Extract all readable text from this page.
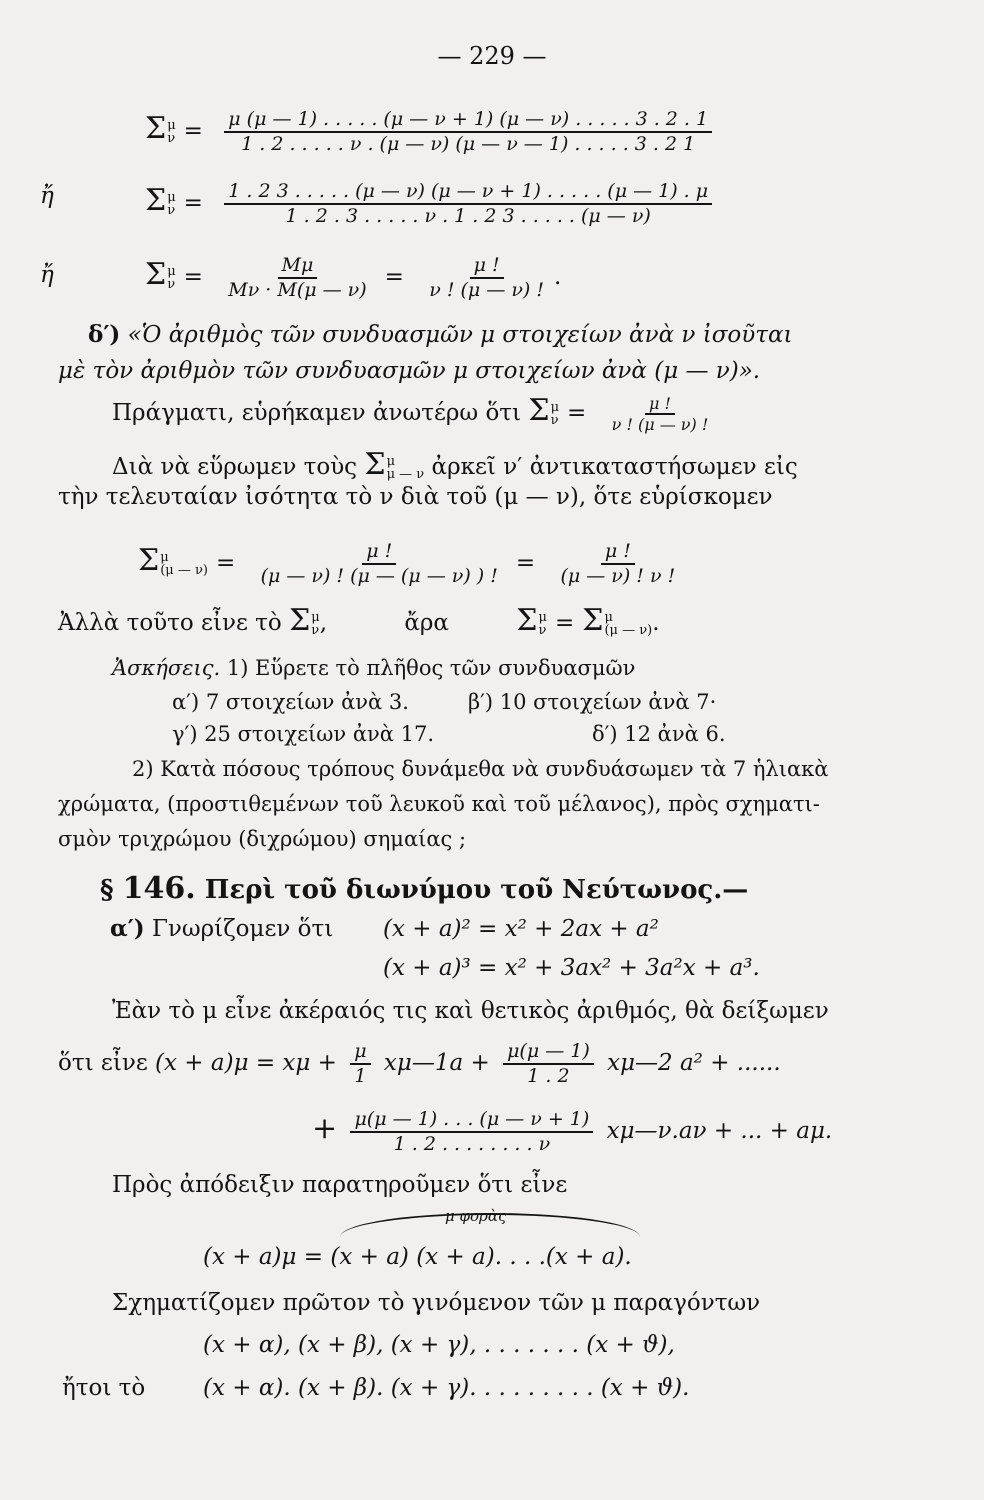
— 229 —
Σ μ
$\nu = \frac{\mu (\mu — 1) . . . . . (\mu — \nu + 1) (\mu — \nu) . . . . . 3 . 2 . 1}{1 . 2 . . . . . \nu . (\mu — \nu) (\mu — \nu — 1) . . . . . 3 . 2 1}$
ἤ	Σ μ
$\nu = \frac{1 . 2 3 . . . . . (\mu — \nu) (\mu — \nu + 1) . . . . . (\mu — 1) . \mu}{1 . 2 . 3 . . . . . \nu . 1 . 2 3 . . . . . (\mu — \nu)}$
ἤ	Σ μ
$\nu = \frac{M\mu}{M\nu \cdot M(\mu — \nu)} = \frac{\mu !}{\nu ! (\mu — \nu) !}$ .
δ′) «Ὁ ἀριθμὸς τῶν συνδυασμῶν μ στοιχείων ἀνὰ ν ἰσοῦται
μὲ τὸν ἀριθμὸν τῶν συνδυασμῶν μ στοιχείων ἀνὰ (μ — ν)».
Πράγματι, εὑρήκαμεν ἀνωτέρω ὅτι Σ μ
$\nu = \frac{\mu !}{\nu ! (\mu — \nu) !}$
Διὰ νὰ εὕρωμεν τοὺς Σ μ
μ — ν ἀρκεῖ ν′ ἀντικαταστήσωμεν εἰς
τὴν τελευταίαν ἰσότητα τὸ ν διὰ τοῦ (μ — ν), ὅτε εὑρίσκομεν
Σ μ
(μ — $\nu) = \frac{\mu !}{(\mu — \nu) ! (\mu — (\mu — \nu) ) !} = \frac{\mu !}{(\mu — \nu) ! \nu !}$
Ἀλλὰ τοῦτο εἶνε τὸ Σ μ
ν ,	ἄρα Σ μ
ν = Σ μ
(μ — ν) .
Ἀσκήσεις. 1) Εὕρετε τὸ πλῆθος τῶν συνδυασμῶν
α′) 7 στοιχείων ἀνὰ 3.	β′) 10 στοιχείων ἀνὰ 7·
γ′) 25 στοιχείων ἀνὰ 17.	δ′) 12 ἀνὰ 6.
2) Κατὰ πόσους τρόπους δυνάμεθα νὰ συνδυάσωμεν τὰ 7 ἡλιακὰ
χρώματα, (προστιθεμένων τοῦ λευκοῦ καὶ τοῦ μέλανος), πρὸς σχηματι-
σμὸν τριχρώμου (διχρώμου) σημαίας ;
§ 146. Περὶ τοῦ διωνύμου τοῦ Νεύτωνος.—
α′) Γνωρίζομεν ὅτι (x + a)² = x² + 2ax + a²
(x + a)³ = x² + 3ax² + 3a²x + a³.
Ἐὰν τὸ μ εἶνε ἀκέραιός τις καὶ θετικὸς ἀριθμός, θὰ δείξωμεν
ὅτι εἶνε $(x + a)\mu = x\mu + \frac{\mu}{1}$ xμ—1a + $\frac{\mu(\mu — 1)}{1 . 2}$ xμ—2 a² + ......
+ $\frac{\mu(\mu — 1) . . . (\mu — \nu + 1)}{1 . 2 . . . . . . . . \nu}$ xμ—ν.aν + ... + aμ.
Πρὸς ἀπόδειξιν παρατηροῦμεν ὅτι εἶνε
μ φορὰς
(x + a)μ = (x + a) (x + a). . . .(x + a).
Σχηματίζομεν πρῶτον τὸ γινόμενον τῶν μ παραγόντων
(x + α), (x + β), (x + γ), . . . . . . . (x + ϑ),
ἤτοι τὸ	(x + α). (x + β). (x + γ). . . . . . . . . (x + ϑ).
